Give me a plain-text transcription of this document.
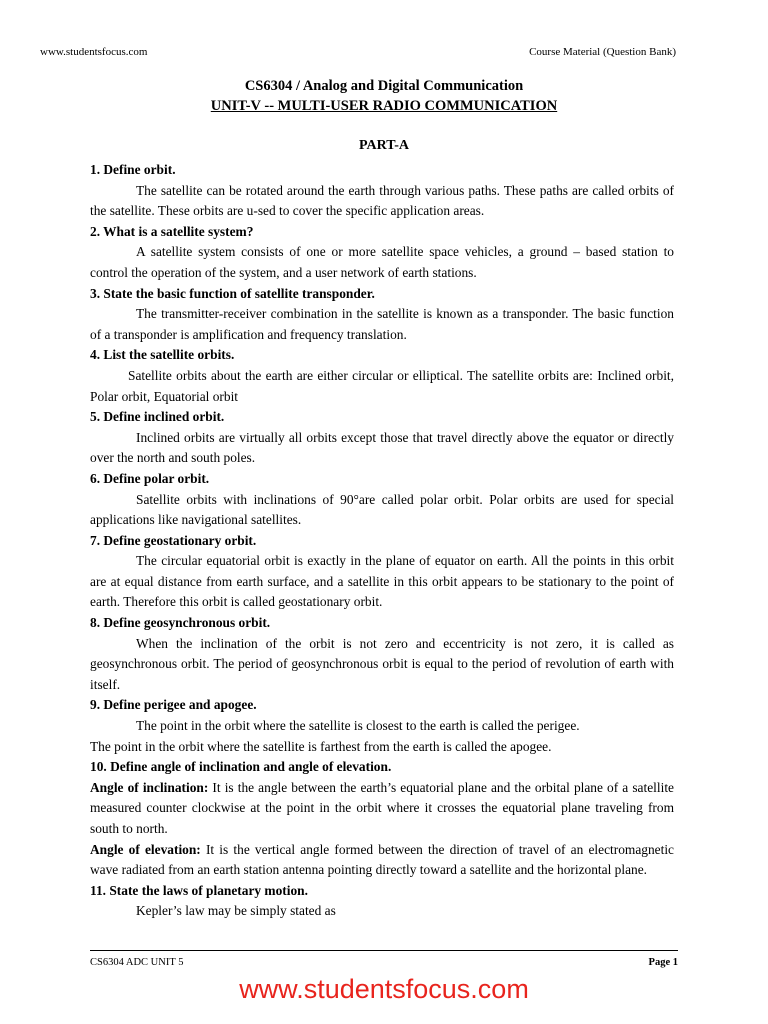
www.studentsfocus.com	Course Material (Question Bank)
CS6304 / Analog and Digital Communication
UNIT-V -- MULTI-USER RADIO COMMUNICATION
PART-A

1. Define orbit.

The satellite can be rotated around the earth through various paths. These paths are called orbits of the satellite. These orbits are u-sed to cover the specific application areas.

2. What is a satellite system?

A satellite system consists of one or more satellite space vehicles, a ground – based station to control the operation of the system, and a user network of earth stations.

3. State the basic function of satellite transponder.

The transmitter-receiver combination in the satellite is known as a transponder. The basic function of a transponder is amplification and frequency translation.

4. List the satellite orbits.

Satellite orbits about the earth are either circular or elliptical. The satellite orbits are: Inclined orbit, Polar orbit, Equatorial orbit

5. Define inclined orbit.

Inclined orbits are virtually all orbits except those that travel directly above the equator or directly over the north and south poles.

6. Define polar orbit.

Satellite orbits with inclinations of 90°are called polar orbit. Polar orbits are used for special applications like navigational satellites.

7. Define geostationary orbit.

The circular equatorial orbit is exactly in the plane of equator on earth. All the points in this orbit are at equal distance from earth surface, and a satellite in this orbit appears to be stationary to the point of earth. Therefore this orbit is called geostationary orbit.

8. Define geosynchronous orbit.

When the inclination of the orbit is not zero and eccentricity is not zero, it is called as geosynchronous orbit. The period of geosynchronous orbit is equal to the period of revolution of earth with itself.

9. Define perigee and apogee.

The point in the orbit where the satellite is closest to the earth is called the perigee.

The point in the orbit where the satellite is farthest from the earth is called the apogee.

10. Define angle of inclination and angle of elevation.

Angle of inclination: It is the angle between the earth’s equatorial plane and the orbital plane of a satellite measured counter clockwise at the point in the orbit where it crosses the equatorial plane traveling from south to north.

Angle of elevation: It is the vertical angle formed between the direction of travel of an electromagnetic wave radiated from an earth station antenna pointing directly toward a satellite and the horizontal plane.

11. State the laws of planetary motion.

Kepler’s law may be simply stated as

CS6304 ADC UNIT 5	Page 1
www.studentsfocus.com
